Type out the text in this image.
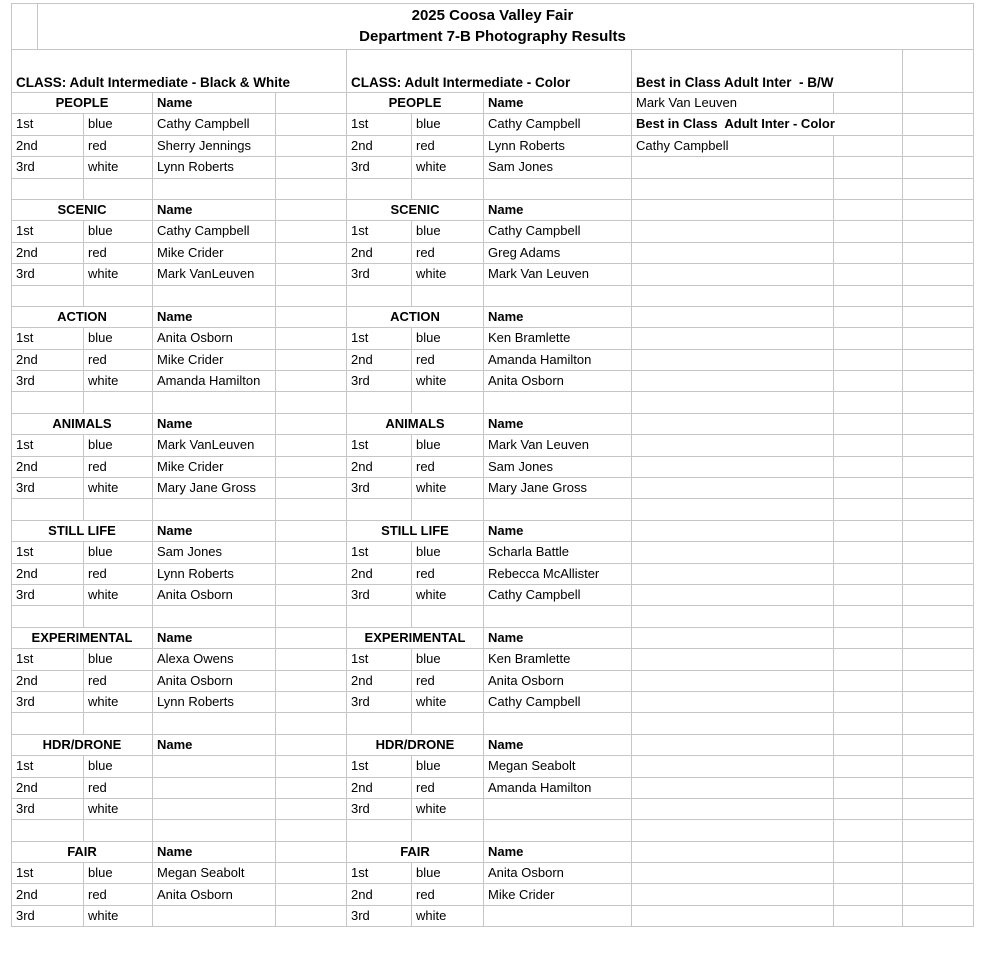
2025 Coosa Valley Fair
Department 7-B Photography Results									

CLASS: Adult Intermediate - Black & White				CLASS: Adult Intermediate - Color			Best in Class Adult Inter  - B/W		
PEOPLE		Name		PEOPLE		Name	Mark Van Leuven		
1st	blue	Cathy Campbell		1st	blue	Cathy Campbell	Best in Class  Adult Inter - Color		
2nd	red	Sherry Jennings		2nd	red	Lynn Roberts	Cathy Campbell		
3rd	white	Lynn Roberts		3rd	white	Sam Jones			

SCENIC		Name		SCENIC		Name			
1st	blue	Cathy Campbell		1st	blue	Cathy Campbell			
2nd	red	Mike Crider		2nd	red	Greg Adams			
3rd	white	Mark VanLeuven		3rd	white	Mark Van Leuven			

ACTION		Name		ACTION		Name			
1st	blue	Anita Osborn		1st	blue	Ken Bramlette			
2nd	red	Mike Crider		2nd	red	Amanda Hamilton			
3rd	white	Amanda Hamilton		3rd	white	Anita Osborn			

ANIMALS		Name		ANIMALS		Name			
1st	blue	Mark VanLeuven		1st	blue	Mark Van Leuven			
2nd	red	Mike Crider		2nd	red	Sam Jones			
3rd	white	Mary Jane Gross		3rd	white	Mary Jane Gross			

STILL LIFE		Name		STILL LIFE		Name			
1st	blue	Sam Jones		1st	blue	Scharla Battle			
2nd	red	Lynn Roberts		2nd	red	Rebecca McAllister			
3rd	white	Anita Osborn		3rd	white	Cathy Campbell			

EXPERIMENTAL		Name		EXPERIMENTAL		Name			
1st	blue	Alexa Owens		1st	blue	Ken Bramlette			
2nd	red	Anita Osborn		2nd	red	Anita Osborn			
3rd	white	Lynn Roberts		3rd	white	Cathy Campbell			

HDR/DRONE		Name		HDR/DRONE		Name			
1st	blue			1st	blue	Megan Seabolt			
2nd	red			2nd	red	Amanda Hamilton			
3rd	white			3rd	white				

FAIR		Name		FAIR		Name			
1st	blue	Megan Seabolt		1st	blue	Anita Osborn			
2nd	red	Anita Osborn		2nd	red	Mike Crider			
3rd	white			3rd	white				
